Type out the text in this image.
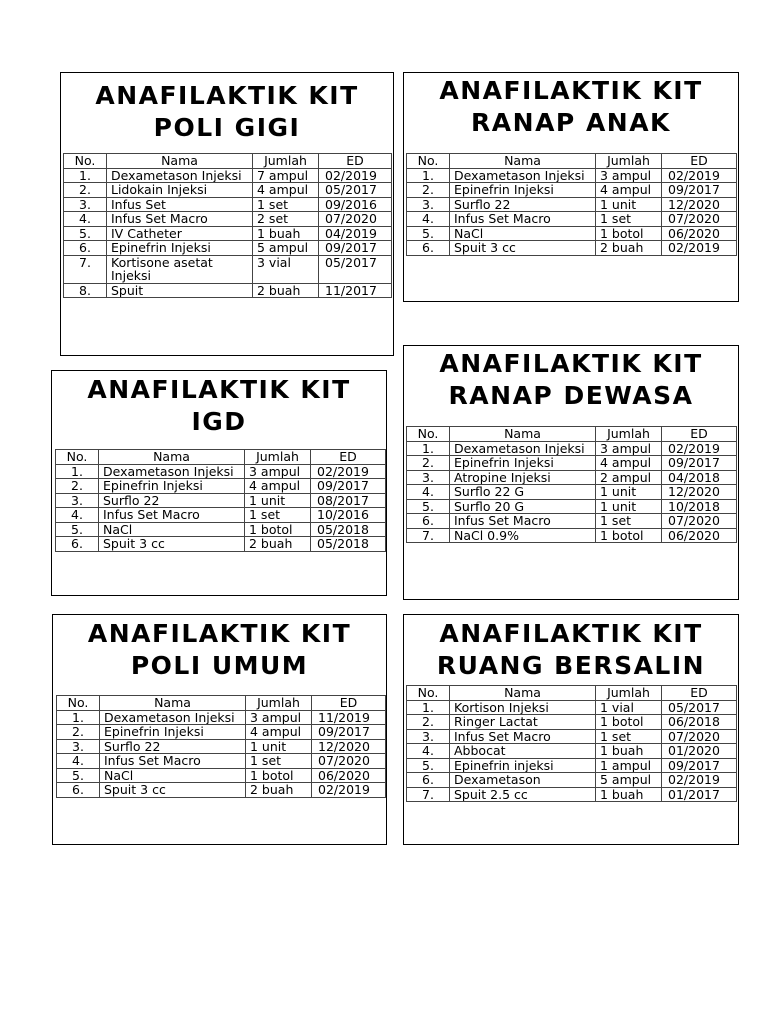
ANAFILAKTIK KIT
POLI GIGI
No.	Nama	Jumlah	ED
1.	Dexametason Injeksi	7 ampul	02/2019
2.	Lidokain Injeksi	4 ampul	05/2017
3.	Infus Set	1 set	09/2016
4.	Infus Set Macro	2 set	07/2020
5.	IV Catheter	1 buah	04/2019
6.	Epinefrin Injeksi	5 ampul	09/2017
7.	Kortisone asetat Injeksi	3 vial	05/2017
8.	Spuit	2 buah	11/2017
ANAFILAKTIK KIT
RANAP ANAK
No.	Nama	Jumlah	ED
1.	Dexametason Injeksi	3 ampul	02/2019
2.	Epinefrin Injeksi	4 ampul	09/2017
3.	Surflo 22	1 unit	12/2020
4.	Infus Set Macro	1 set	07/2020
5.	NaCl	1 botol	06/2020
6.	Spuit 3 cc	2 buah	02/2019
ANAFILAKTIK KIT
RANAP DEWASA
No.	Nama	Jumlah	ED
1.	Dexametason Injeksi	3 ampul	02/2019
2.	Epinefrin Injeksi	4 ampul	09/2017
3.	Atropine Injeksi	2 ampul	04/2018
4.	Surflo 22 G	1 unit	12/2020
5.	Surflo 20 G	1 unit	10/2018
6.	Infus Set Macro	1 set	07/2020
7.	NaCl 0.9%	1 botol	06/2020
ANAFILAKTIK KIT
IGD
No.	Nama	Jumlah	ED
1.	Dexametason Injeksi	3 ampul	02/2019
2.	Epinefrin Injeksi	4 ampul	09/2017
3.	Surflo 22	1 unit	08/2017
4.	Infus Set Macro	1 set	10/2016
5.	NaCl	1 botol	05/2018
6.	Spuit 3 cc	2 buah	05/2018
ANAFILAKTIK KIT
POLI UMUM
No.	Nama	Jumlah	ED
1.	Dexametason Injeksi	3 ampul	11/2019
2.	Epinefrin Injeksi	4 ampul	09/2017
3.	Surflo 22	1 unit	12/2020
4.	Infus Set Macro	1 set	07/2020
5.	NaCl	1 botol	06/2020
6.	Spuit 3 cc	2 buah	02/2019
ANAFILAKTIK KIT
RUANG BERSALIN
No.	Nama	Jumlah	ED
1.	Kortison Injeksi	1 vial	05/2017
2.	Ringer Lactat	1 botol	06/2018
3.	Infus Set Macro	1 set	07/2020
4.	Abbocat	1 buah	01/2020
5.	Epinefrin injeksi	1 ampul	09/2017
6.	Dexametason	5 ampul	02/2019
7.	Spuit 2.5 cc	1 buah	01/2017
